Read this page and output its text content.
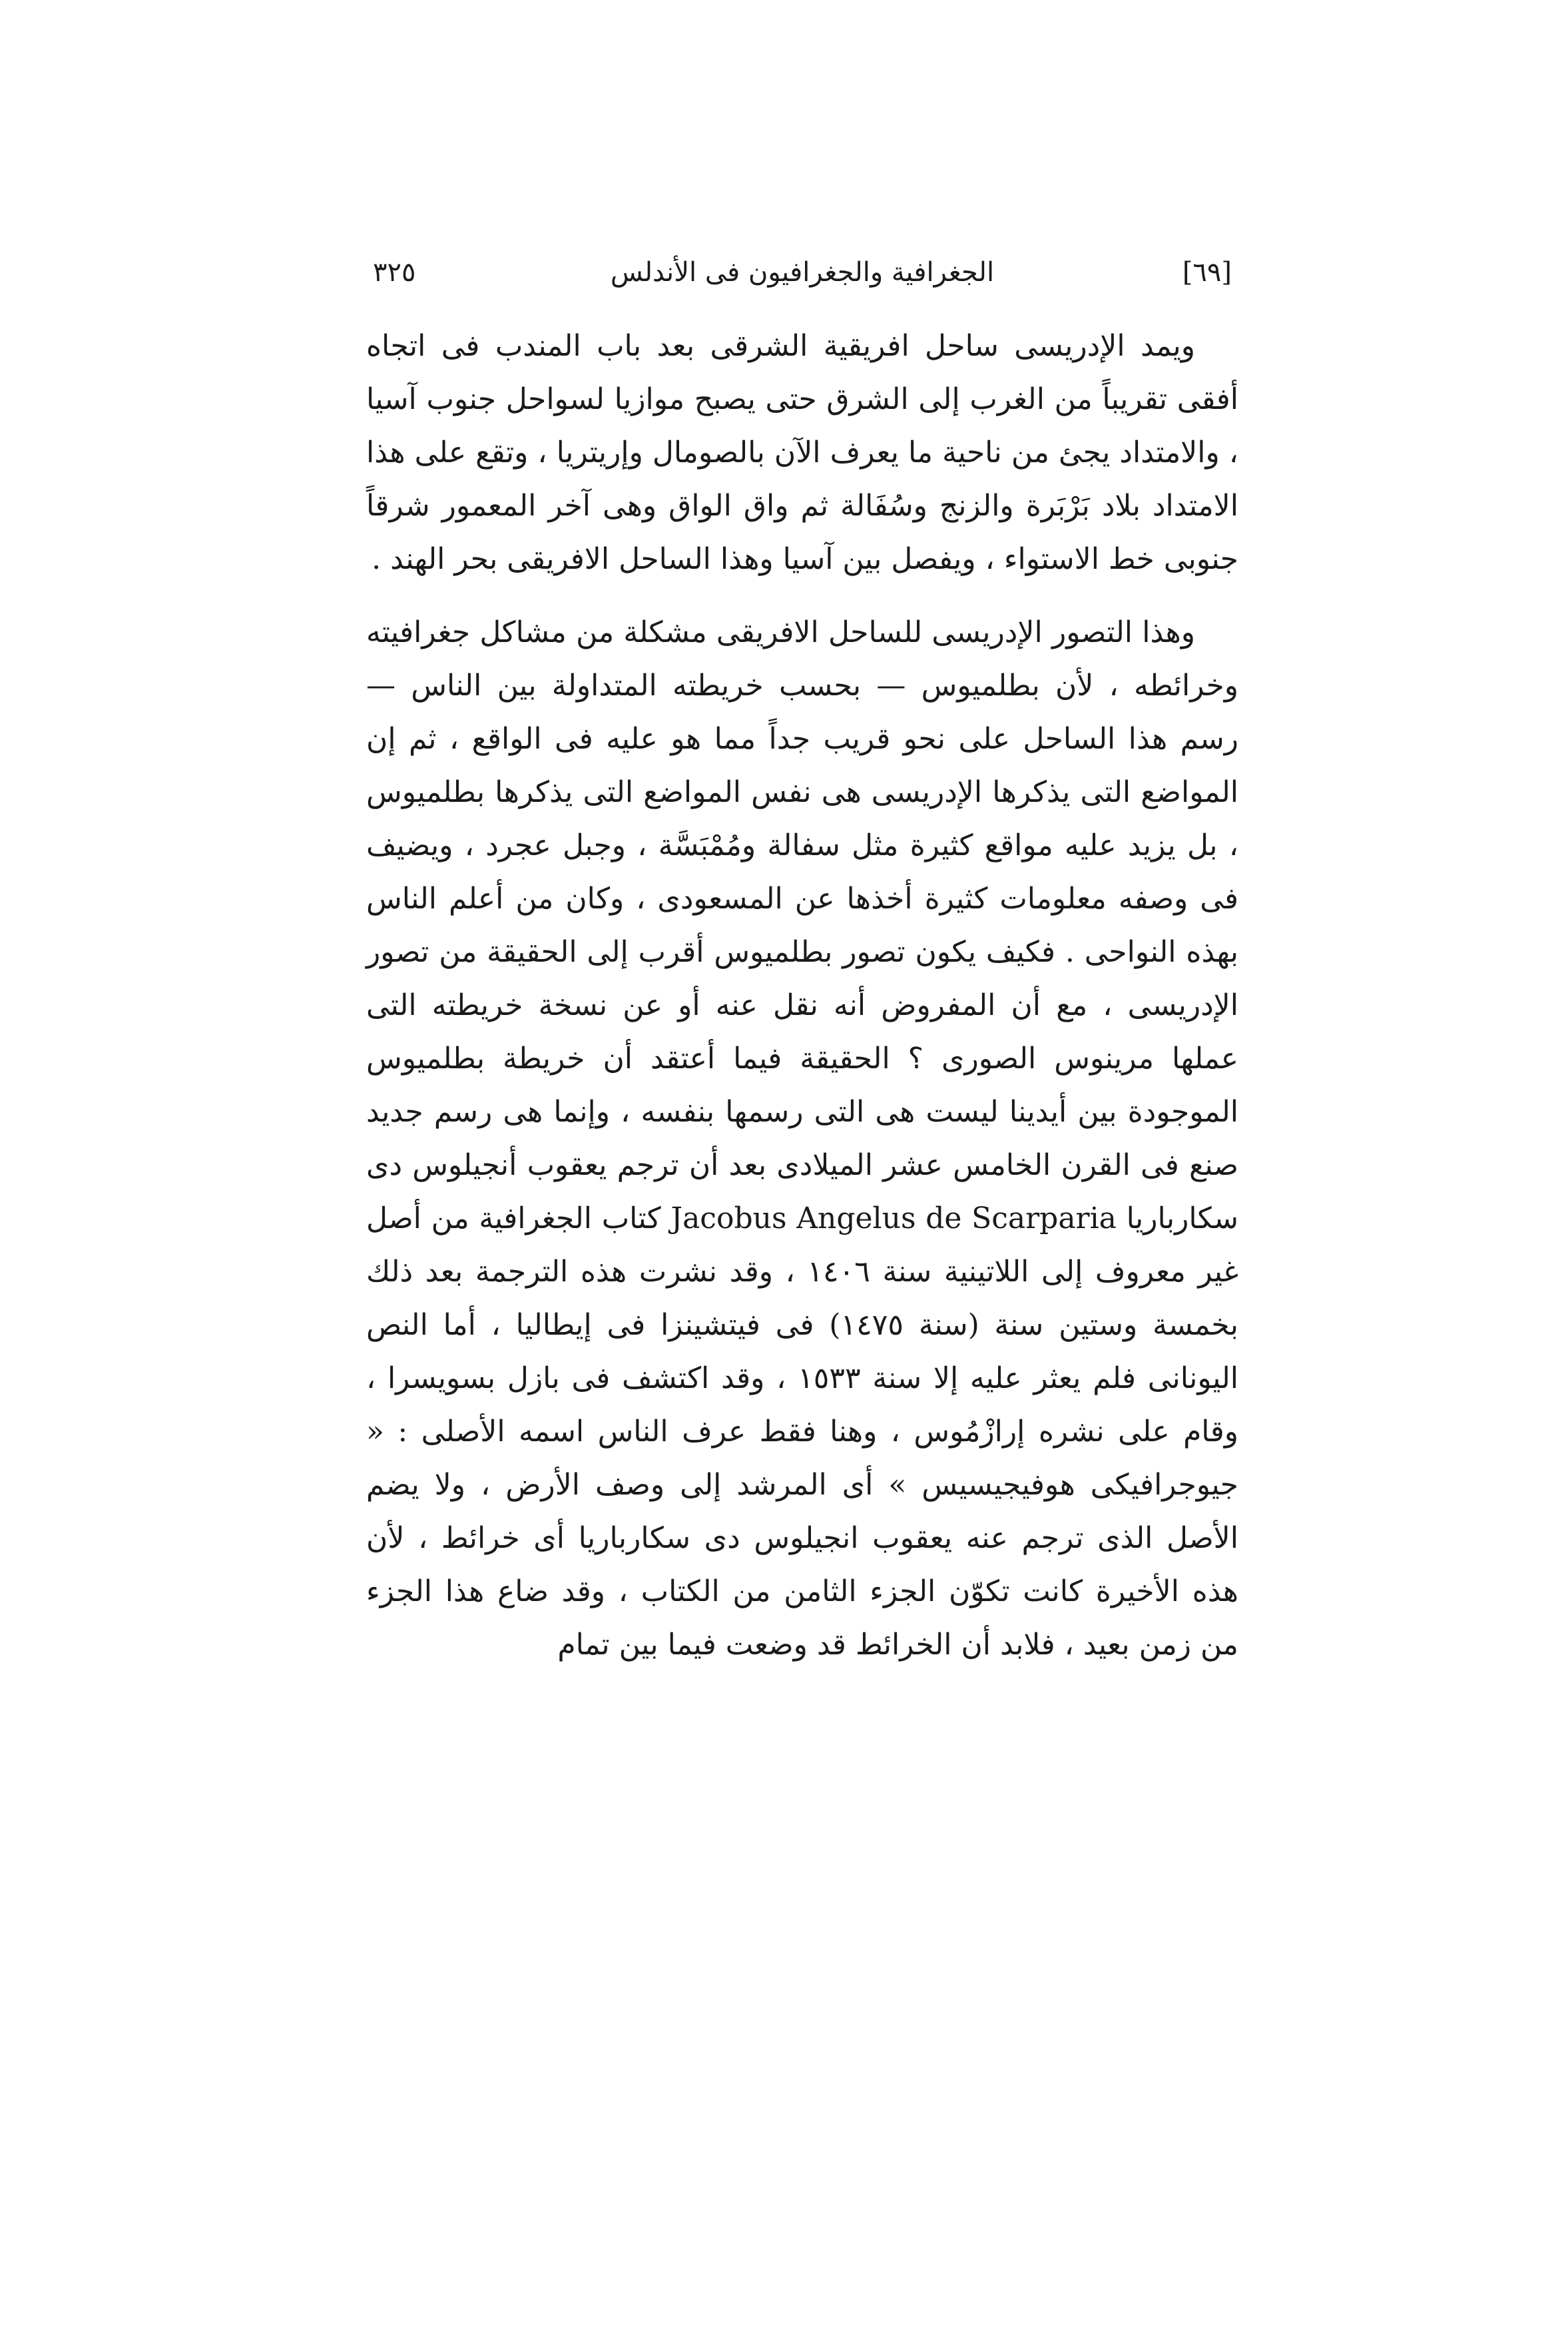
[٦٩]
الجغرافية والجغرافيون فى الأندلس
٣٢٥

ويمد الإدريسى ساحل افريقية الشرقى بعد باب المندب فى اتجاه أفقى تقريباً من الغرب إلى الشرق حتى يصبح موازيا لسواحل جنوب آسيا ، والامتداد يجئ من ناحية ما يعرف الآن بالصومال وإريتريا ، وتقع على هذا الامتداد بلاد بَرْبَرة والزنج وسُفَالة ثم واق الواق وهى آخر المعمور شرقاً جنوبى خط الاستواء ، ويفصل بين آسيا وهذا الساحل الافريقى بحر الهند .

وهذا التصور الإدريسى للساحل الافريقى مشكلة من مشاكل جغرافيته وخرائطه ، لأن بطلميوس — بحسب خريطته المتداولة بين الناس — رسم هذا الساحل على نحو قريب جداً مما هو عليه فى الواقع ، ثم إن المواضع التى يذكرها الإدريسى هى نفس المواضع التى يذكرها بطلميوس ، بل يزيد عليه مواقع كثيرة مثل سفالة ومُمْبَسَّة ، وجبل عجرد ، ويضيف فى وصفه معلومات كثيرة أخذها عن المسعودى ، وكان من أعلم الناس بهذه النواحى . فكيف يكون تصور بطلميوس أقرب إلى الحقيقة من تصور الإدريسى ، مع أن المفروض أنه نقل عنه أو عن نسخة خريطته التى عملها مرينوس الصورى ؟ الحقيقة فيما أعتقد أن خريطة بطلميوس الموجودة بين أيدينا ليست هى التى رسمها بنفسه ، وإنما هى رسم جديد صنع فى القرن الخامس عشر الميلادى بعد أن ترجم يعقوب أنجيلوس دى سكارباريا Jacobus Angelus de Scarparia كتاب الجغرافية من أصل غير معروف إلى اللاتينية سنة ١٤٠٦ ، وقد نشرت هذه الترجمة بعد ذلك بخمسة وستين سنة (سنة ١٤٧٥) فى فيتشينزا فى إيطاليا ، أما النص اليونانى فلم يعثر عليه إلا سنة ١٥٣٣ ، وقد اكتشف فى بازل بسويسرا ، وقام على نشره إرازْمُوس ، وهنا فقط عرف الناس اسمه الأصلى : « جيوجرافيكى هوفيجيسيس » أى المرشد إلى وصف الأرض ، ولا يضم الأصل الذى ترجم عنه يعقوب انجيلوس دى سكارباريا أى خرائط ، لأن هذه الأخيرة كانت تكوّن الجزء الثامن من الكتاب ، وقد ضاع هذا الجزء من زمن بعيد ، فلابد أن الخرائط قد وضعت فيما بين تمام
